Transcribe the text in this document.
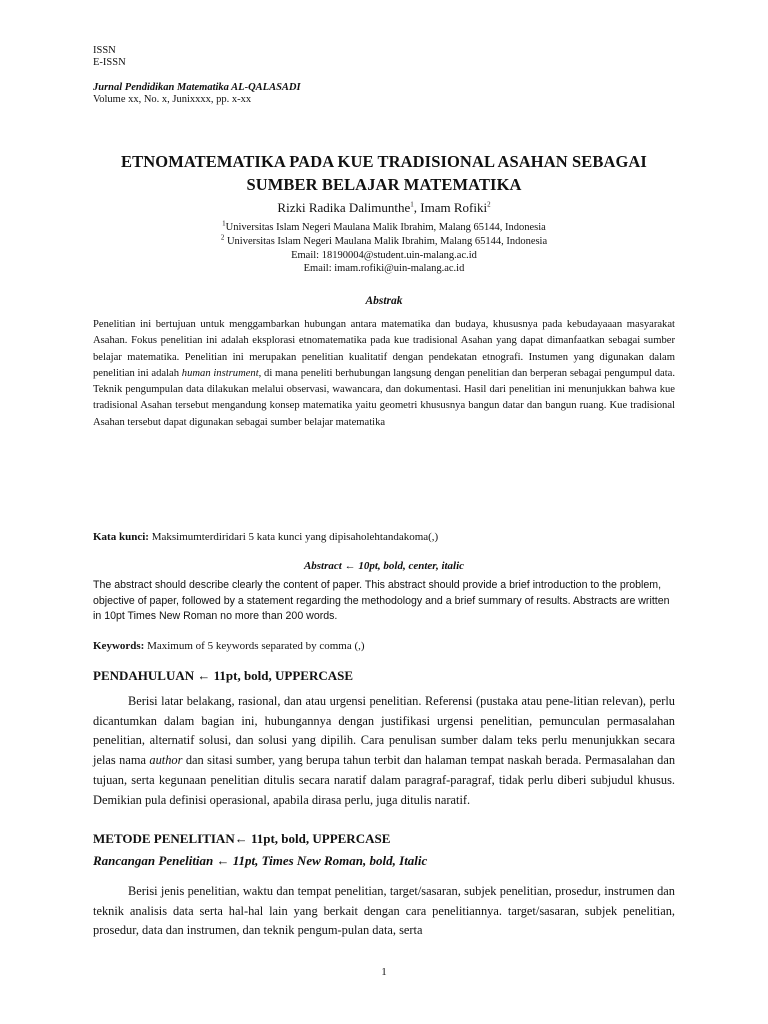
ISSN
E-ISSN
Jurnal Pendidikan Matematika AL-QALASADI
Volume xx, No. x, Junixxxx, pp. x-xx
ETNOMATEMATIKA PADA KUE TRADISIONAL ASAHAN SEBAGAI
SUMBER BELAJAR MATEMATIKA
Rizki Radika Dalimunthe$^1$, Imam Rofiki$^2$
$^1$Universitas Islam Negeri Maulana Malik Ibrahim, Malang 65144, Indonesia
$^2$ Universitas Islam Negeri Maulana Malik Ibrahim, Malang 65144, Indonesia
Email: 18190004@student.uin-malang.ac.id
Email: imam.rofiki@uin-malang.ac.id
Abstrak
Penelitian ini bertujuan untuk menggambarkan hubungan antara matematika dan budaya, khususnya pada kebudayaaan masyarakat Asahan. Fokus penelitian ini adalah eksplorasi etnomatematika pada kue tradisional Asahan yang dapat dimanfaatkan sebagai sumber belajar matematika. Penelitian ini merupakan penelitian kualitatif dengan pendekatan etnografi. Instumen yang digunakan dalam penelitian ini adalah human instrument, di mana peneliti berhubungan langsung dengan penelitian dan berperan sebagai pengumpul data. Teknik pengumpulan data dilakukan melalui observasi, wawancara, dan dokumentasi. Hasil dari penelitian ini menunjukkan bahwa kue tradisional Asahan tersebut mengandung konsep matematika yaitu geometri khususnya bangun datar dan bangun ruang. Kue tradisional Asahan tersebut dapat digunakan sebagai sumber belajar matematika
Kata kunci: Maksimumterdiridari 5 kata kunci yang dipisaholehtandakoma(,)
Abstract ← 10pt, bold, center, italic
The abstract should describe clearly the content of paper. This abstract should provide a brief introduction to the problem, objective of paper, followed by a statement regarding the methodology and a brief summary of results. Abstracts are written in 10pt Times New Roman no more than 200 words.
Keywords: Maximum of 5 keywords separated by comma (,)
PENDAHULUAN ← 11pt, bold, UPPERCASE
Berisi latar belakang, rasional, dan atau urgensi penelitian. Referensi (pustaka atau pene-litian relevan), perlu dicantumkan dalam bagian ini, hubungannya dengan justifikasi urgensi penelitian, pemunculan permasalahan penelitian, alternatif solusi, dan solusi yang dipilih. Cara penulisan sumber dalam teks perlu menunjukkan secara jelas nama author dan sitasi sumber, yang berupa tahun terbit dan halaman tempat naskah berada. Permasalahan dan tujuan, serta kegunaan penelitian ditulis secara naratif dalam paragraf-paragraf, tidak perlu diberi subjudul khusus. Demikian pula definisi operasional, apabila dirasa perlu, juga ditulis naratif.
METODE PENELITIAN← 11pt, bold, UPPERCASE
Rancangan Penelitian ← 11pt, Times New Roman, bold, Italic
Berisi jenis penelitian, waktu dan tempat penelitian, target/sasaran, subjek penelitian, prosedur, instrumen dan teknik analisis data serta hal-hal lain yang berkait dengan cara penelitiannya. target/sasaran, subjek penelitian, prosedur, data dan instrumen, dan teknik pengum-pulan data, serta
1
